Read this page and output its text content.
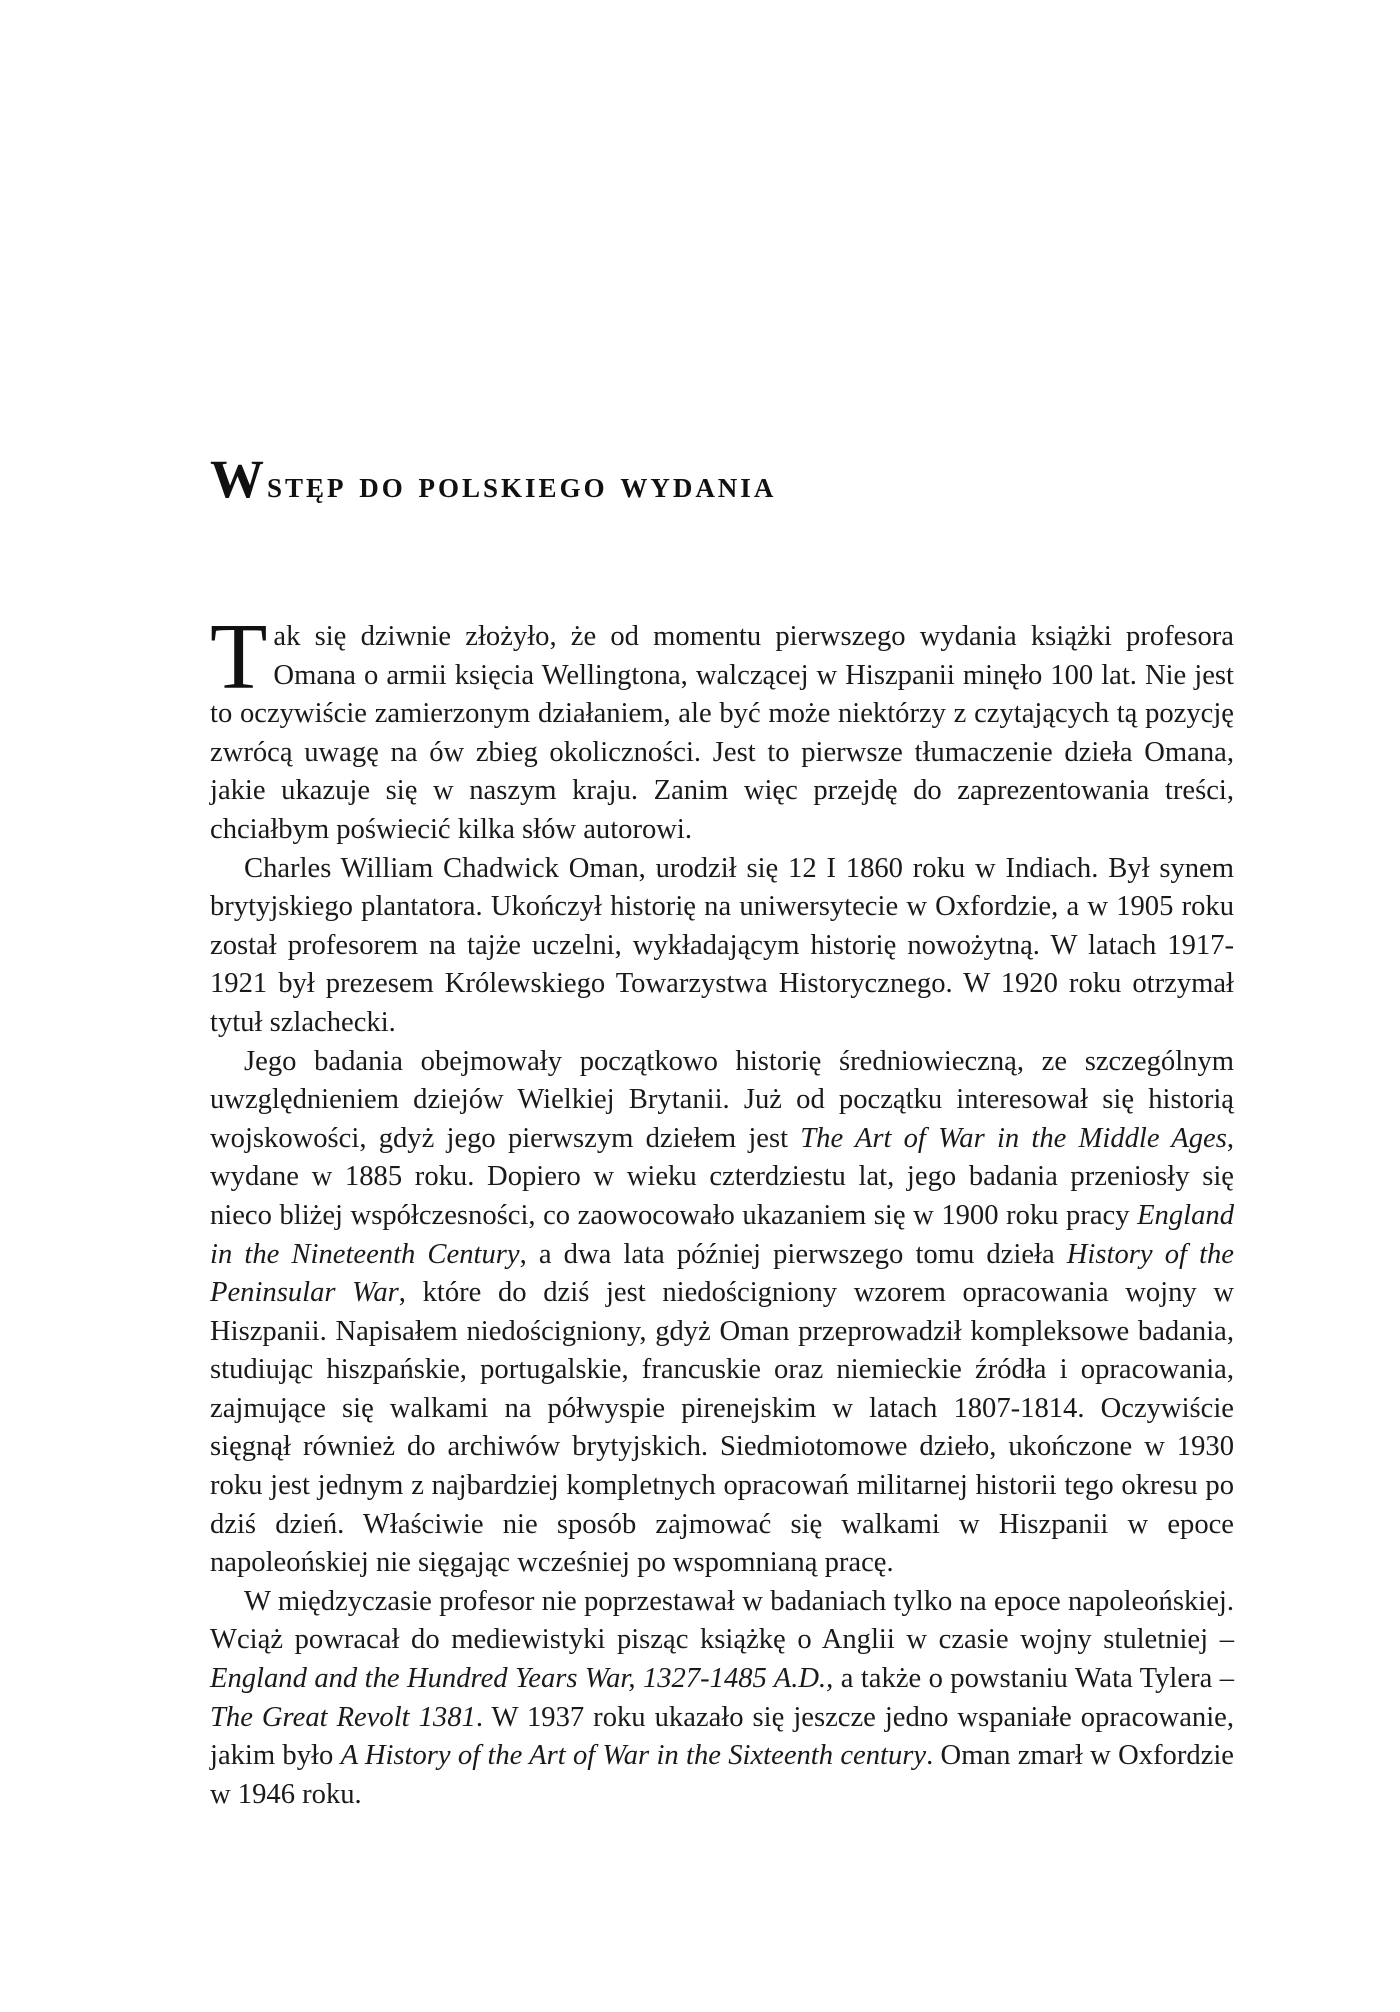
Wstęp do polskiego wydania

Tak się dziwnie złożyło, że od momentu pierwszego wydania książki profesora Omana o armii księcia Wellingtona, walczącej w Hiszpanii minęło 100 lat. Nie jest to oczywiście zamierzonym działaniem, ale być może niektórzy z czytających tą pozycję zwrócą uwagę na ów zbieg okoliczności. Jest to pierwsze tłumaczenie dzieła Omana, jakie ukazuje się w naszym kraju. Zanim więc przejdę do zaprezentowania treści, chciałbym poświecić kilka słów autorowi.

Charles William Chadwick Oman, urodził się 12 I 1860 roku w Indiach. Był synem brytyjskiego plantatora. Ukończył historię na uniwersytecie w Oxfordzie, a w 1905 roku został profesorem na tajże uczelni, wykładającym historię nowożytną. W latach 1917-1921 był prezesem Królewskiego Towarzystwa Historycznego. W 1920 roku otrzymał tytuł szlachecki.

Jego badania obejmowały początkowo historię średniowieczną, ze szczególnym uwzględnieniem dziejów Wielkiej Brytanii. Już od początku interesował się historią wojskowości, gdyż jego pierwszym dziełem jest The Art of War in the Middle Ages, wydane w 1885 roku. Dopiero w wieku czterdziestu lat, jego badania przeniosły się nieco bliżej współczesności, co zaowocowało ukazaniem się w 1900 roku pracy England in the Nineteenth Century, a dwa lata później pierwszego tomu dzieła History of the Peninsular War, które do dziś jest niedościgniony wzorem opracowania wojny w Hiszpanii. Napisałem niedościgniony, gdyż Oman przeprowadził kompleksowe badania, studiując hiszpańskie, portugalskie, francuskie oraz niemieckie źródła i opracowania, zajmujące się walkami na półwyspie pirenejskim w latach 1807-1814. Oczywiście sięgnął również do archiwów brytyjskich. Siedmiotomowe dzieło, ukończone w 1930 roku jest jednym z najbardziej kompletnych opracowań militarnej historii tego okresu po dziś dzień. Właściwie nie sposób zajmować się walkami w Hiszpanii w epoce napoleońskiej nie sięgając wcześniej po wspomnianą pracę.

W międzyczasie profesor nie poprzestawał w badaniach tylko na epoce napoleońskiej. Wciąż powracał do mediewistyki pisząc książkę o Anglii w czasie wojny stuletniej – England and the Hundred Years War, 1327-1485 A.D., a także o powstaniu Wata Tylera – The Great Revolt 1381. W 1937 roku ukazało się jeszcze jedno wspaniałe opracowanie, jakim było A History of the Art of War in the Sixteenth century. Oman zmarł w Oxfordzie w 1946 roku.
